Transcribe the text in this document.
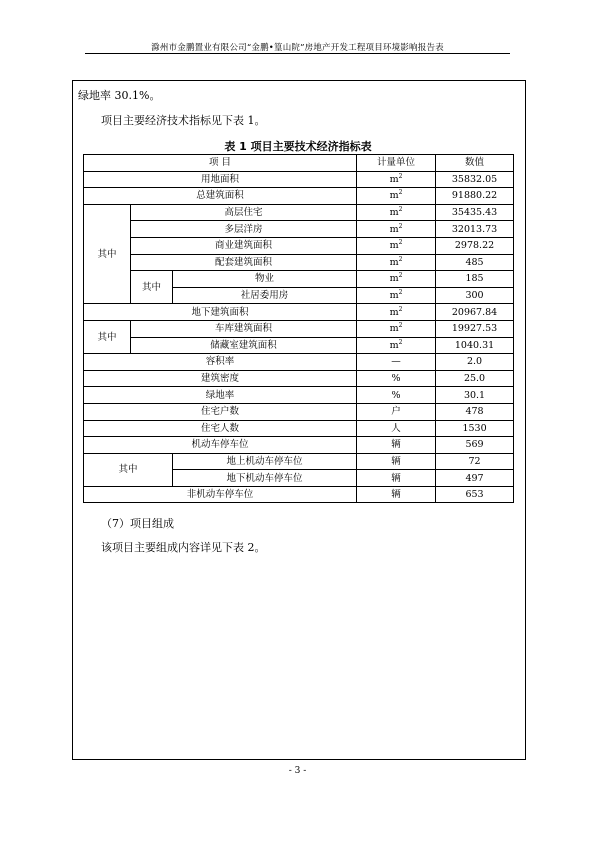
滁州市金鹏置业有限公司“金鹏•篁山院”房地产开发工程项目环境影响报告表
绿地率 30.1%。
项目主要经济技术指标见下表 1。
表 1 项目主要技术经济指标表
项 目			计量单位	数值
用地面积			$m^2$	35832.05
总建筑面积			$m^2$	91880.22
其中	高层住宅		$m^2$	35435.43
	多层洋房		$m^2$	32013.73
	商业建筑面积		$m^2$	2978.22
	配套建筑面积		$m^2$	485
	其中	物业	$m^2$	185
		社居委用房	$m^2$	300
地下建筑面积			$m^2$	20967.84
其中	车库建筑面积		$m^2$	19927.53
	储藏室建筑面积		$m^2$	1040.31
容积率			—	2.0
建筑密度			%	25.0
绿地率			%	30.1
住宅户数			户	478
住宅人数			人	1530
机动车停车位			辆	569
其中		地上机动车停车位	辆	72
		地下机动车停车位	辆	497
非机动车停车位			辆	653
（7）项目组成
该项目主要组成内容详见下表 2。
- 3 -
